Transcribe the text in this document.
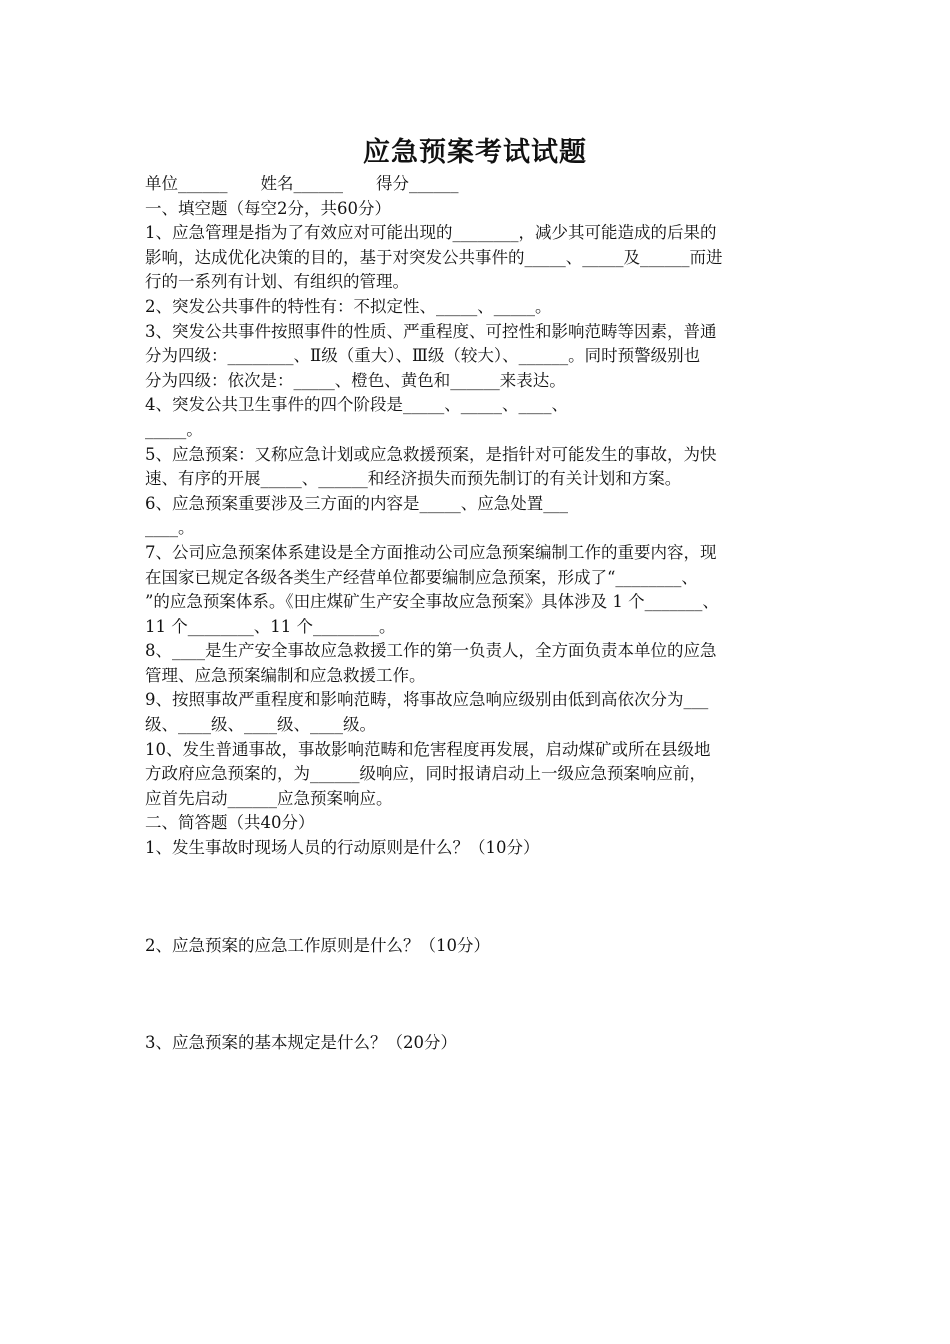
应急预案考试试题
单位______　　姓名______　　得分______
一、填空题（每空2分，共60分）
1、应急管理是指为了有效应对可能出现的________，减少其可能造成的后果的
影响，达成优化决策的目的，基于对突发公共事件的_____、_____及______而进
行的一系列有计划、有组织的管理。
2、突发公共事件的特性有：不拟定性、_____、_____。
3、突发公共事件按照事件的性质、严重程度、可控性和影响范畴等因素，普通
分为四级：________、Ⅱ级（重大）、Ⅲ级（较大）、______。同时预警级别也
分为四级：依次是：_____、橙色、黄色和______来表达。
4、突发公共卫生事件的四个阶段是_____、_____、____、
_____。
5、应急预案：又称应急计划或应急救援预案，是指针对可能发生的事故，为快
速、有序的开展_____、______和经济损失而预先制订的有关计划和方案。
6、应急预案重要涉及三方面的内容是_____、应急处置___
____。
7、公司应急预案体系建设是全方面推动公司应急预案编制工作的重要内容，现
在国家已规定各级各类生产经营单位都要编制应急预案，形成了“________、
”的应急预案体系。《田庄煤矿生产安全事故应急预案》具体涉及 1 个_______、
11 个________、11 个________。
8、____是生产安全事故应急救援工作的第一负责人，全方面负责本单位的应急
管理、应急预案编制和应急救援工作。
9、按照事故严重程度和影响范畴，将事故应急响应级别由低到高依次分为___
级、____级、____级、____级。
10、发生普通事故，事故影响范畴和危害程度再发展，启动煤矿或所在县级地
方政府应急预案的，为______级响应，同时报请启动上一级应急预案响应前，
应首先启动______应急预案响应。
二、简答题（共40分）
1、发生事故时现场人员的行动原则是什么？（10分）
2、应急预案的应急工作原则是什么？（10分）
3、应急预案的基本规定是什么？（20分）
